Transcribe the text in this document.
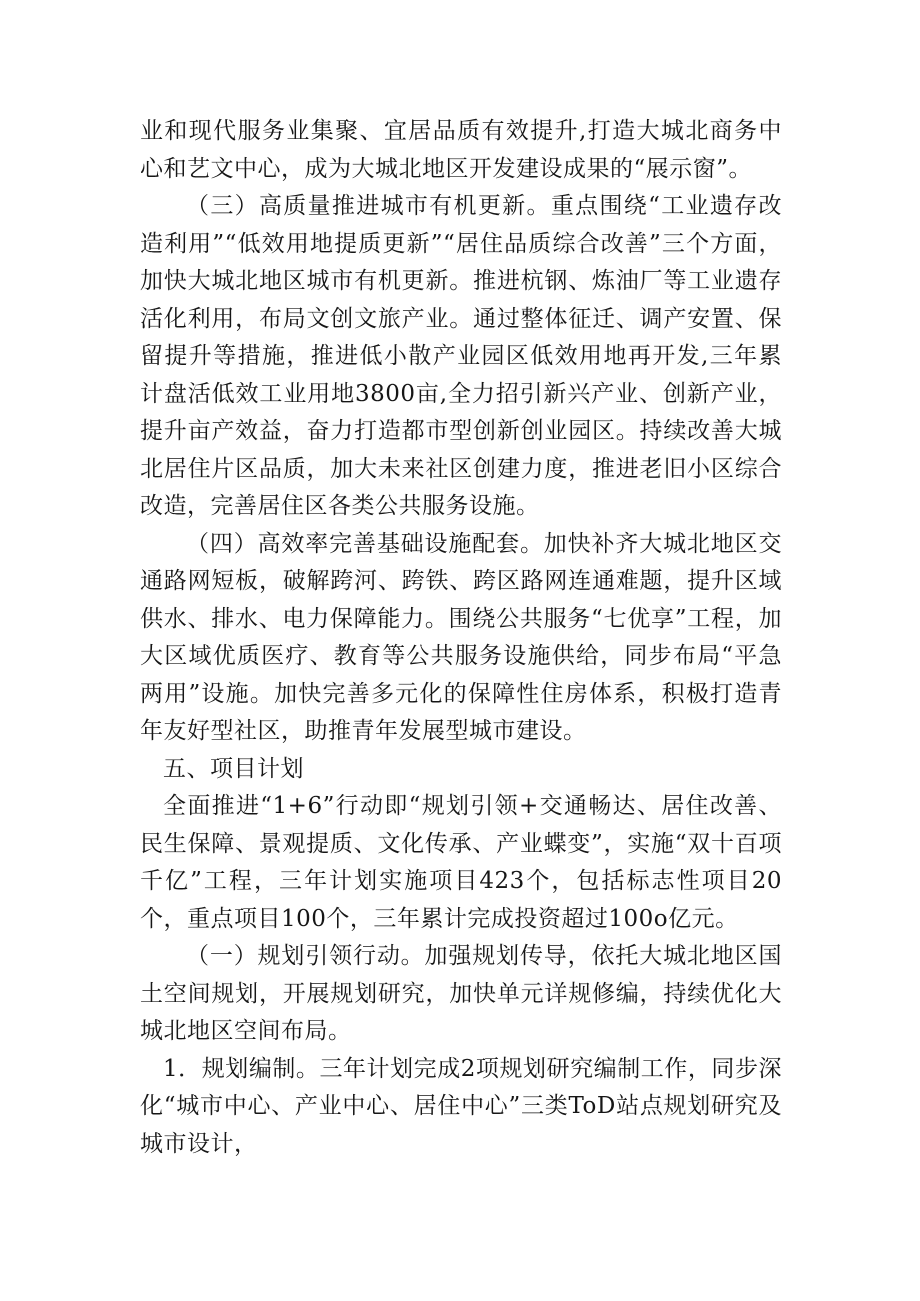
业和现代服务业集聚、宜居品质有效提升,打造大城北商务中心和艺文中心，成为大城北地区开发建设成果的“展示窗”。

（三）高质量推进城市有机更新。重点围绕“工业遗存改造利用”“低效用地提质更新”“居住品质综合改善”三个方面，加快大城北地区城市有机更新。推进杭钢、炼油厂等工业遗存活化利用，布局文创文旅产业。通过整体征迁、调产安置、保留提升等措施，推进低小散产业园区低效用地再开发,三年累计盘活低效工业用地3800亩,全力招引新兴产业、创新产业，提升亩产效益，奋力打造都市型创新创业园区。持续改善大城北居住片区品质，加大未来社区创建力度，推进老旧小区综合改造，完善居住区各类公共服务设施。

（四）高效率完善基础设施配套。加快补齐大城北地区交通路网短板，破解跨河、跨铁、跨区路网连通难题，提升区域供水、排水、电力保障能力。围绕公共服务“七优享”工程，加大区域优质医疗、教育等公共服务设施供给，同步布局“平急两用”设施。加快完善多元化的保障性住房体系，积极打造青年友好型社区，助推青年发展型城市建设。

五、项目计划

全面推进“1+6”行动即“规划引领+交通畅达、居住改善、民生保障、景观提质、文化传承、产业蝶变”，实施“双十百项千亿”工程，三年计划实施项目423个，包括标志性项目20个，重点项目100个，三年累计完成投资超过100o亿元。

（一）规划引领行动。加强规划传导，依托大城北地区国土空间规划，开展规划研究，加快单元详规修编，持续优化大城北地区空间布局。

1．规划编制。三年计划完成2项规划研究编制工作，同步深化“城市中心、产业中心、居住中心”三类ToD站点规划研究及城市设计，
